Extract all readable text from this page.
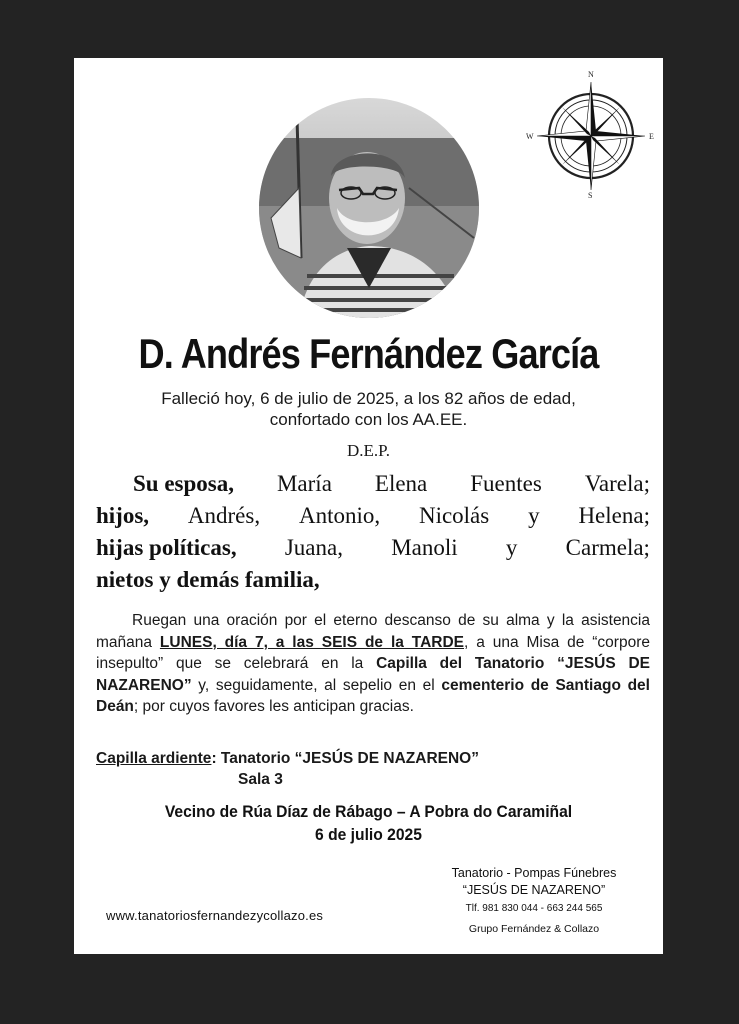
N
S
W	E
D. Andrés Fernández García
Falleció hoy, 6 de julio de 2025, a los 82 años de edad,
confortado con los AA.EE.
D.E.P.
Su esposa, María Elena Fuentes Varela;
hijos, Andrés, Antonio, Nicolás y Helena;
hijas políticas, Juana, Manoli y Carmela;
nietos y demás familia,

Ruegan una oración por el eterno descanso de su alma y la asistencia mañana LUNES, día 7, a las SEIS de la TARDE, a una Misa de “corpore insepulto” que se celebrará en la Capilla del Tanatorio “JESÚS DE NAZARENO” y, seguidamente, al sepelio en el cementerio de Santiago del Deán; por cuyos favores les anticipan gracias.

Capilla ardiente: Tanatorio “JESÚS DE NAZARENO”
Sala 3
Vecino de Rúa Díaz de Rábago – A Pobra do Caramiñal
6 de julio 2025
www.tanatoriosfernandezycollazo.es
Tanatorio - Pompas Fúnebres
“JESÚS DE NAZARENO”
Tlf. 981 830 044 - 663 244 565
Grupo Fernández & Collazo
